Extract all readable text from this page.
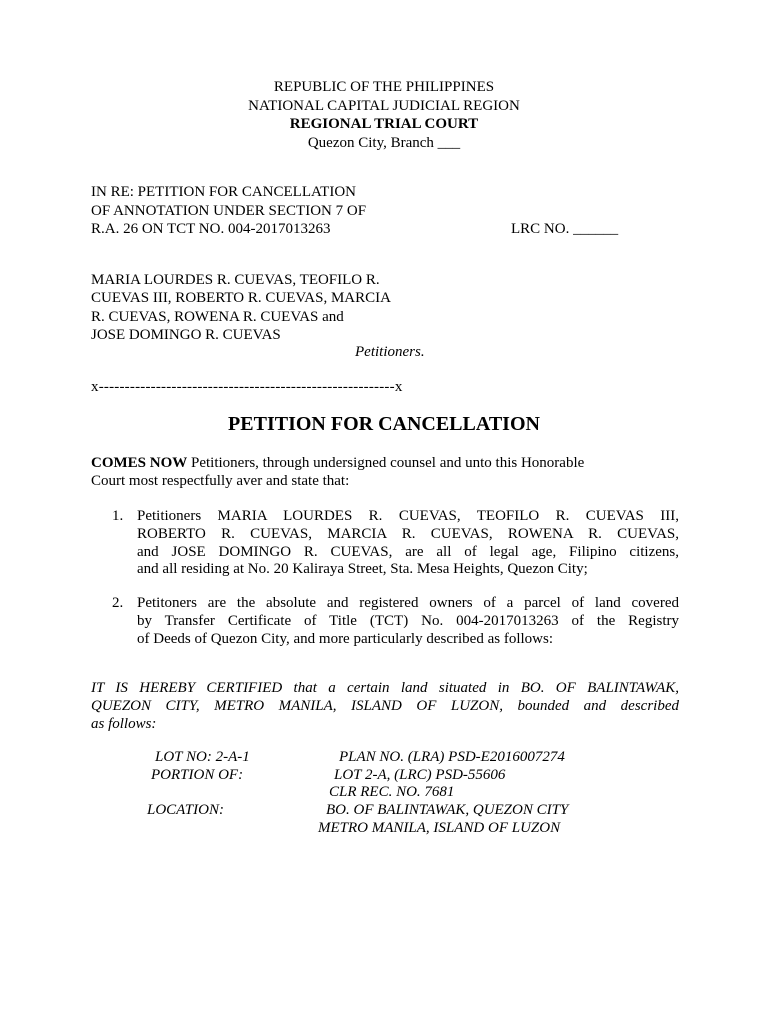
REPUBLIC OF THE PHILIPPINES
NATIONAL CAPITAL JUDICIAL REGION
REGIONAL TRIAL COURT
Quezon City, Branch ___
IN RE: PETITION FOR CANCELLATION
OF ANNOTATION UNDER SECTION 7 OF
R.A. 26 ON TCT NO. 004-2017013263	LRC NO. ______
MARIA LOURDES R. CUEVAS, TEOFILO R.
CUEVAS III, ROBERTO R. CUEVAS, MARCIA
R. CUEVAS, ROWENA R. CUEVAS and
JOSE DOMINGO R. CUEVAS
Petitioners.
x---------------------------------------------------------x
PETITION FOR CANCELLATION
COMES NOW Petitioners, through undersigned counsel and unto this Honorable
Court most respectfully aver and state that:
1. Petitioners MARIA LOURDES R. CUEVAS, TEOFILO R. CUEVAS III,
ROBERTO R. CUEVAS, MARCIA R. CUEVAS, ROWENA R. CUEVAS,
and JOSE DOMINGO R. CUEVAS, are all of legal age, Filipino citizens,
and all residing at No. 20 Kaliraya Street, Sta. Mesa Heights, Quezon City;
2. Petitoners are the absolute and registered owners of a parcel of land covered
by Transfer Certificate of Title (TCT) No. 004-2017013263 of the Registry
of Deeds of Quezon City, and more particularly described as follows:
IT IS HEREBY CERTIFIED that a certain land situated in BO. OF BALINTAWAK,
QUEZON CITY, METRO MANILA, ISLAND OF LUZON, bounded and described
as follows:
LOT NO: 2-A-1	PLAN NO. (LRA) PSD-E2016007274
PORTION OF:	LOT 2-A, (LRC) PSD-55606
CLR REC. NO. 7681
LOCATION:	BO. OF BALINTAWAK, QUEZON CITY
METRO MANILA, ISLAND OF LUZON
